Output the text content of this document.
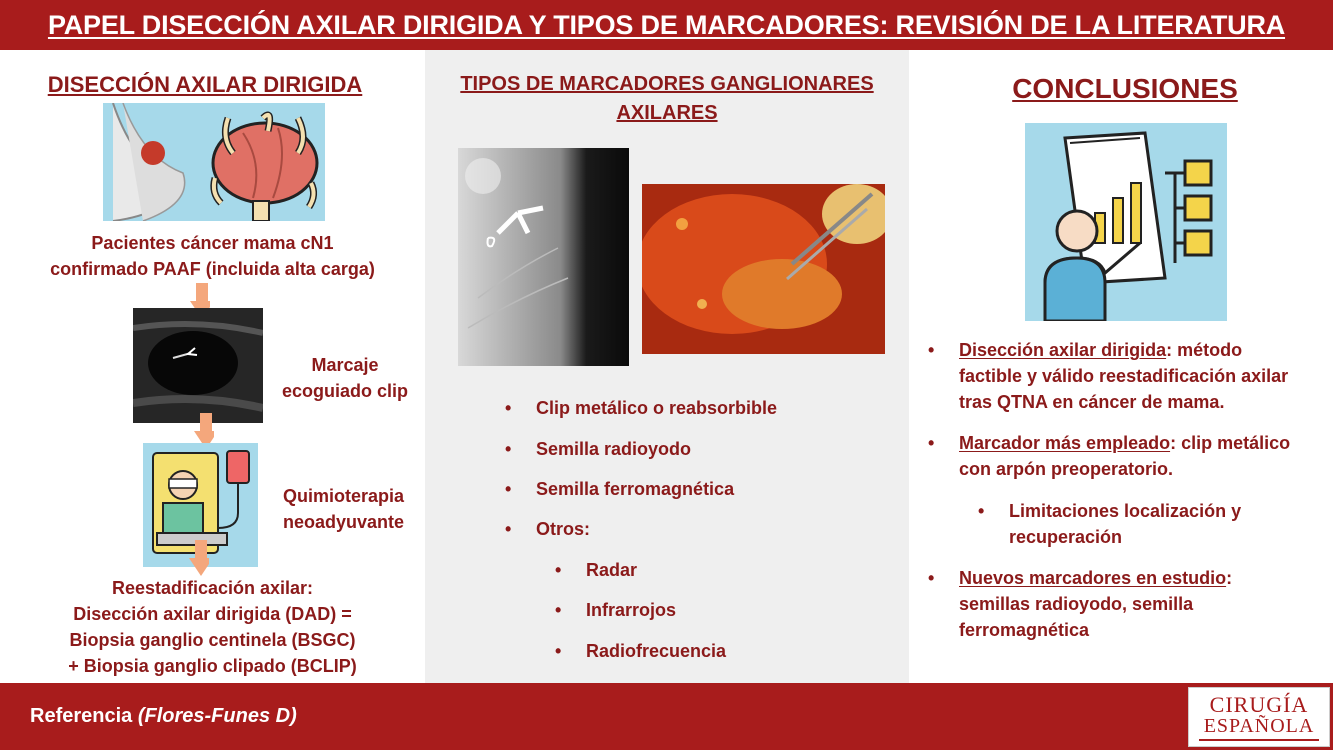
PAPEL DISECCIÓN AXILAR DIRIGIDA Y TIPOS DE MARCADORES: REVISIÓN DE LA LITERATURA
DISECCIÓN AXILAR DIRIGIDA
Pacientes cáncer mama cN1
confirmado PAAF (incluida alta carga)
Marcaje
ecoguiado clip
Quimioterapia
neoadyuvante
Reestadificación axilar:
Disección axilar dirigida (DAD) =
Biopsia ganglio centinela (BSGC)
+ Biopsia ganglio clipado (BCLIP)
TIPOS DE MARCADORES GANGLIONARES
AXILARES
•	Clip metálico o reabsorbible
•	Semilla radioyodo
•	Semilla ferromagnética
•	Otros:
•	Radar
•	Infrarrojos
•	Radiofrecuencia
CONCLUSIONES
•	Disección axilar dirigida: método
factible y válido reestadificación axilar
tras QTNA en cáncer de mama.
•	Marcador más empleado: clip metálico
con arpón preoperatorio.
•	Limitaciones localización y
recuperación
•	Nuevos marcadores en estudio:
semillas radioyodo, semilla
ferromagnética
Referencia (Flores-Funes D)	CIRUGÍA
ESPAÑOLA
